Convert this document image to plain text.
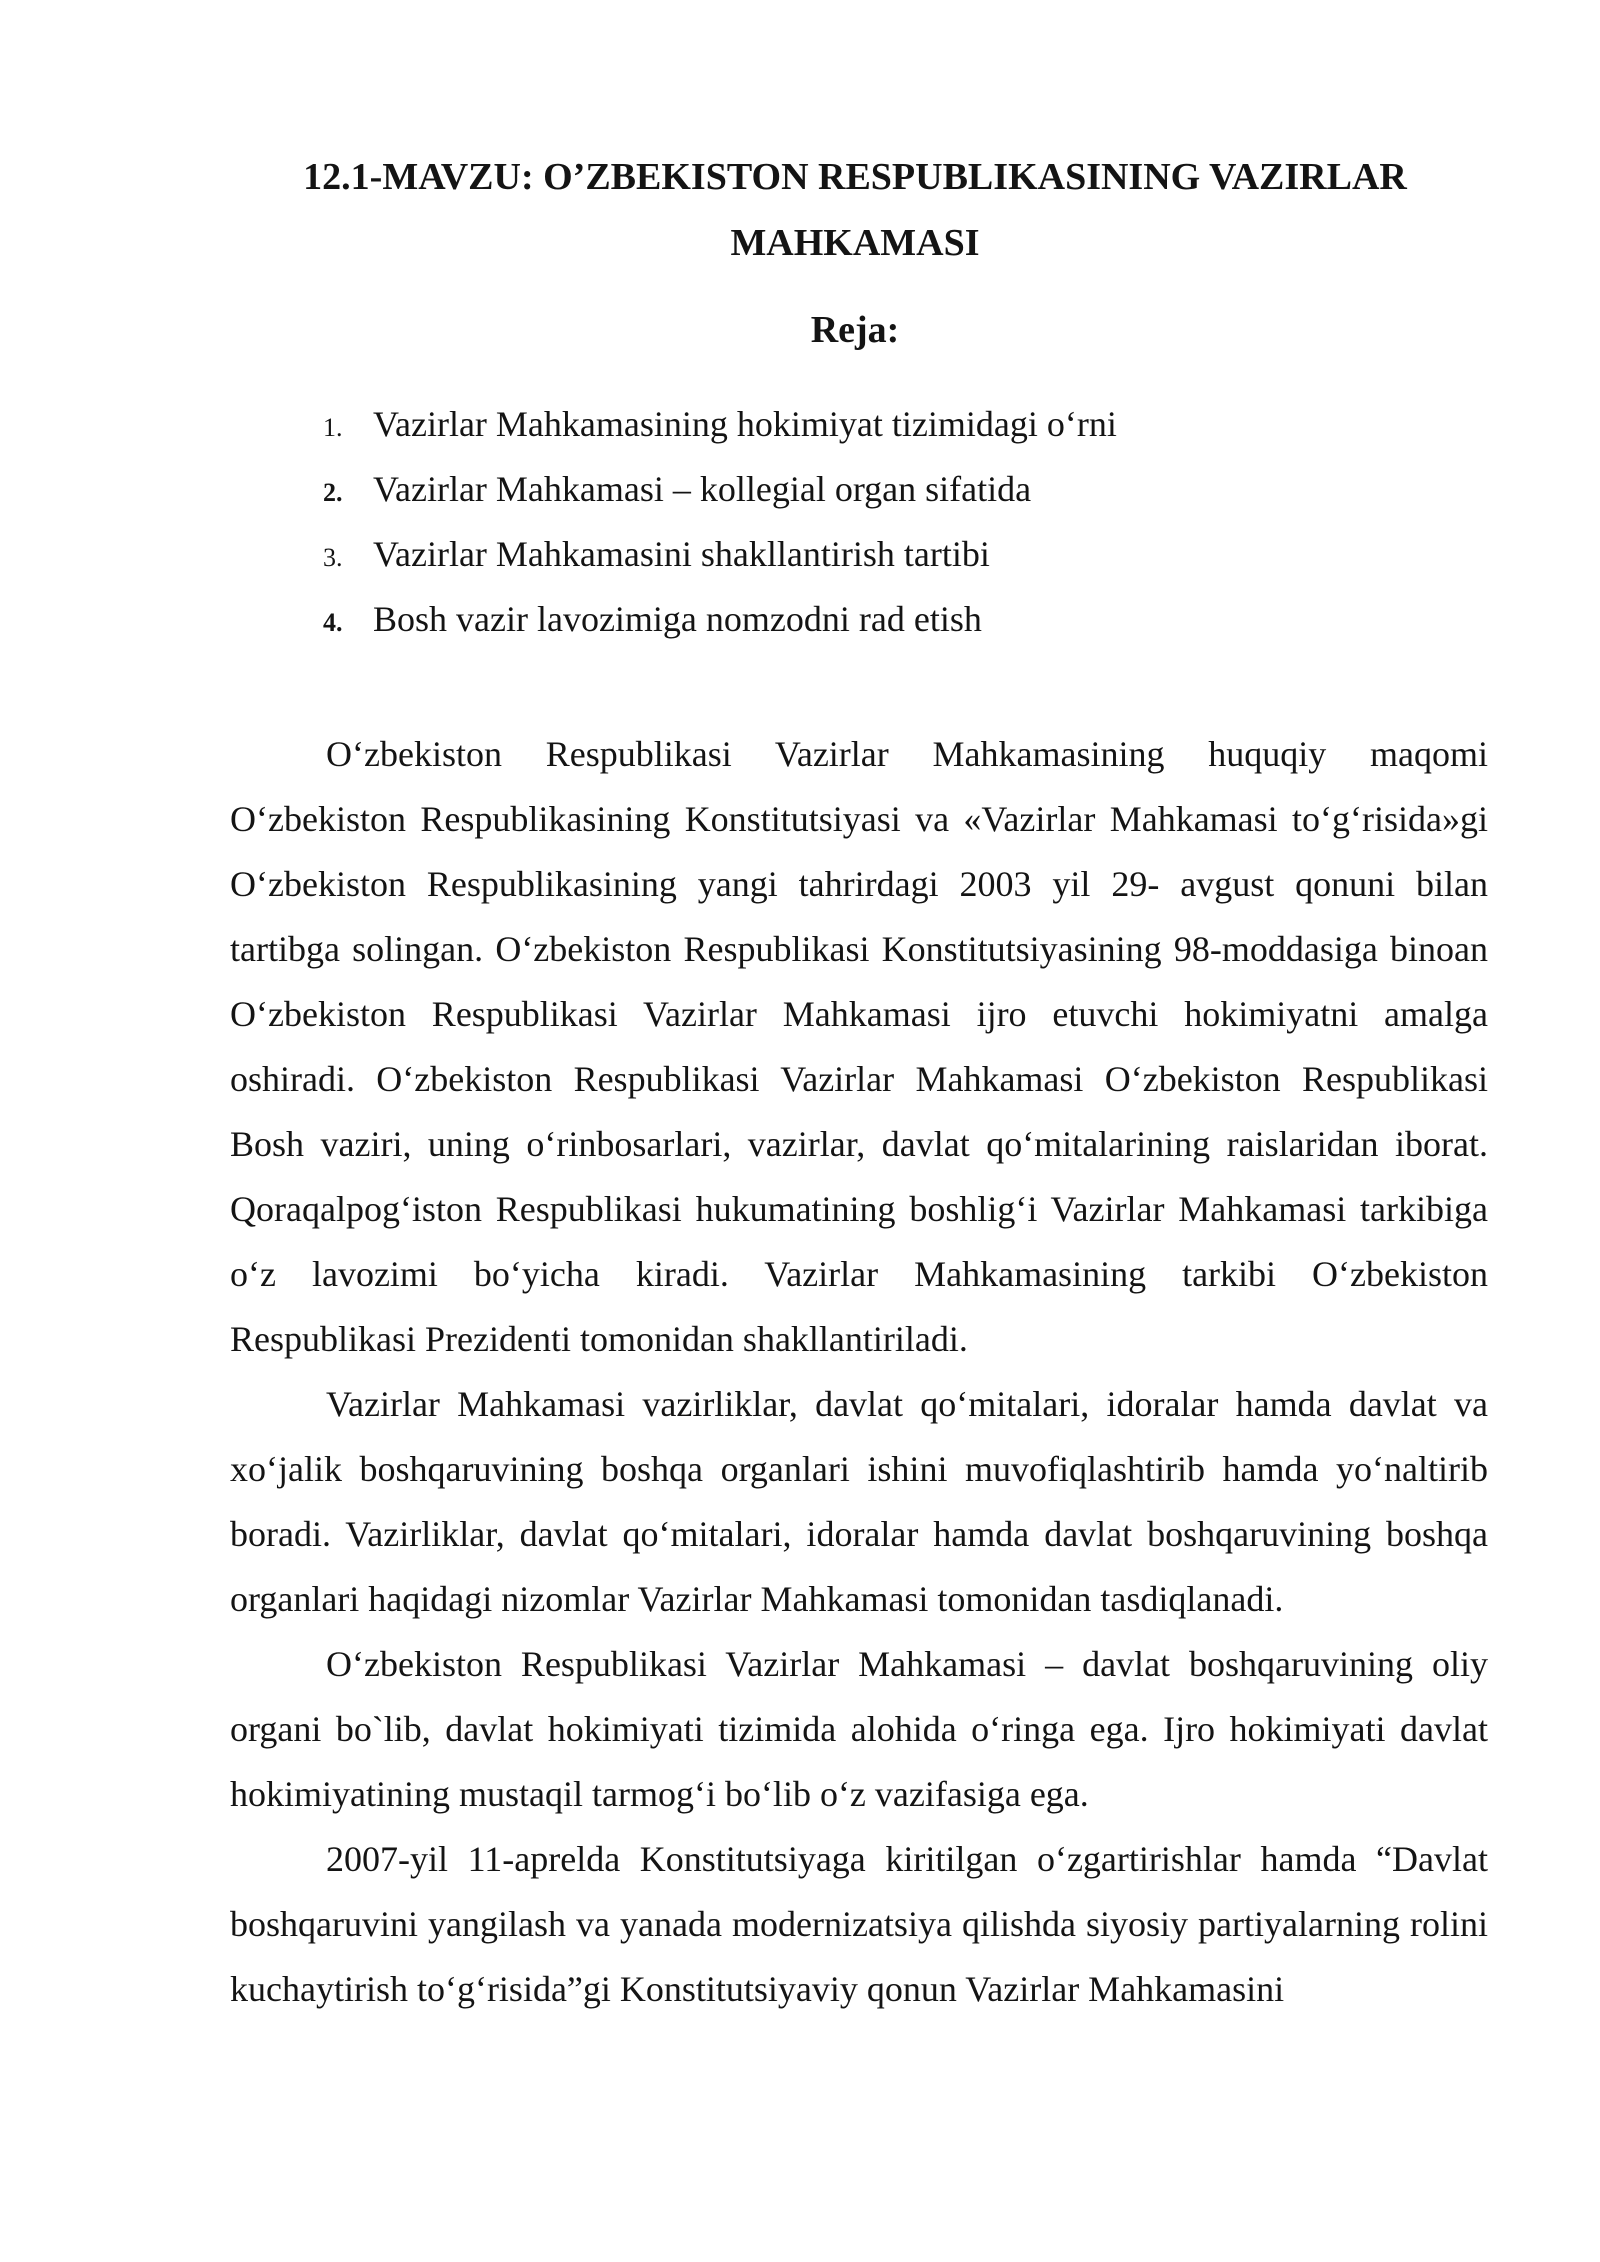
12.1-MAVZU: O’ZBEKISTON RESPUBLIKASINING VAZIRLAR
MAHKAMASI
Reja:
1. Vazirlar Mahkamasining hokimiyat tizimidagi o‘rni
2. Vazirlar Mahkamasi – kollegial organ sifatida
3. Vazirlar Mahkamasini shakllantirish tartibi
4. Bosh vazir lavozimiga nomzodni rad etish

O‘zbekiston Respublikasi Vazirlar Mahkamasining huquqiy maqomi O‘zbekiston Respublikasining Konstitutsiyasi va «Vazirlar Mahkamasi to‘g‘risida»gi O‘zbekiston Respublikasining yangi tahrirdagi 2003 yil 29- avgust qonuni bilan tartibga solingan. O‘zbekiston Respublikasi Konstitutsiyasining 98-moddasiga binoan O‘zbekiston Respublikasi Vazirlar Mahkamasi ijro etuvchi hokimiyatni amalga oshiradi. O‘zbekiston Respublikasi Vazirlar Mahkamasi O‘zbekiston Respublikasi Bosh vaziri, uning o‘rinbosarlari, vazirlar, davlat qo‘mitalarining raislaridan iborat. Qoraqalpog‘iston Respublikasi hukumatining boshlig‘i Vazirlar Mahkamasi tarkibiga o‘z lavozimi bo‘yicha kiradi. Vazirlar Mahkamasining tarkibi O‘zbekiston Respublikasi Prezidenti tomonidan shakllantiriladi.

Vazirlar Mahkamasi vazirliklar, davlat qo‘mitalari, idoralar hamda davlat va xo‘jalik boshqaruvining boshqa organlari ishini muvofiqlashtirib hamda yo‘naltirib boradi. Vazirliklar, davlat qo‘mitalari, idoralar hamda davlat boshqaruvining boshqa organlari haqidagi nizomlar Vazirlar Mahkamasi tomonidan tasdiqlanadi.

O‘zbekiston Respublikasi Vazirlar Mahkamasi – davlat boshqaruvining oliy organi bo`lib, davlat hokimiyati tizimida alohida o‘ringa ega. Ijro hokimiyati davlat hokimiyatining mustaqil tarmog‘i bo‘lib o‘z vazifasiga ega.

2007-yil 11-aprelda Konstitutsiyaga kiritilgan o‘zgartirishlar hamda “Davlat boshqaruvini yangilash va yanada modernizatsiya qilishda siyosiy partiyalarning rolini kuchaytirish to‘g‘risida”gi Konstitutsiyaviy qonun Vazirlar Mahkamasini
